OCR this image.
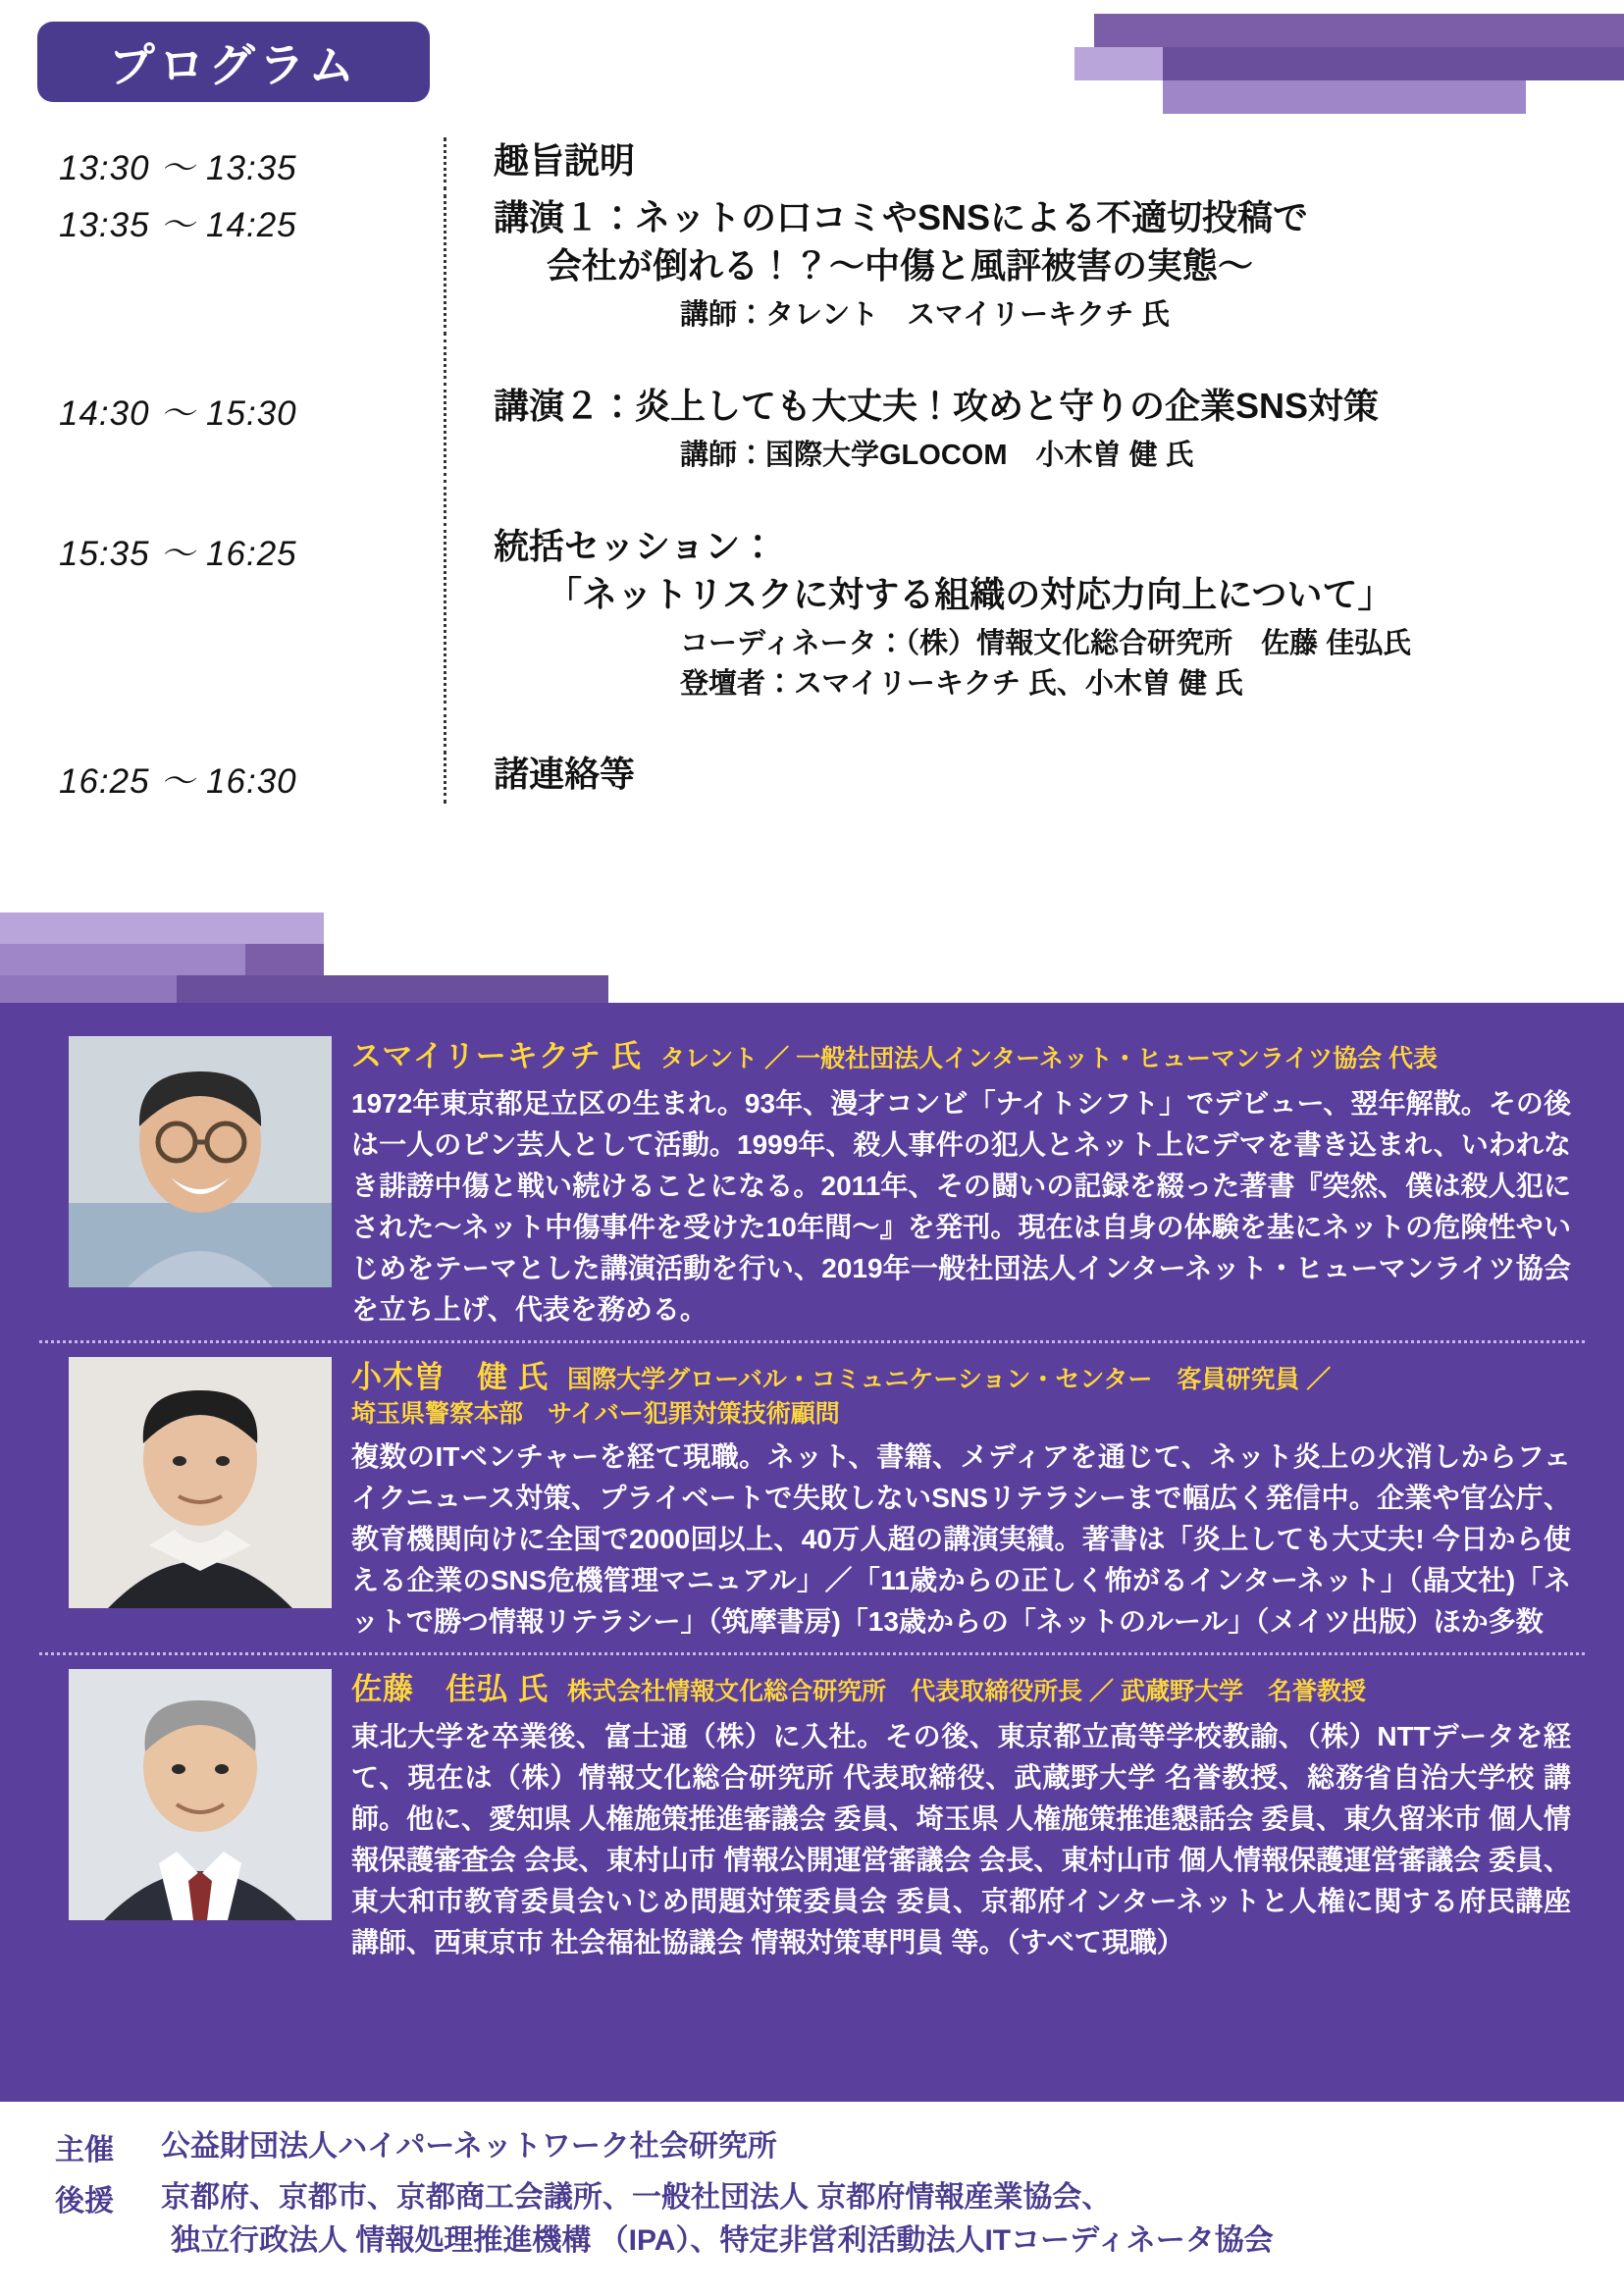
プログラム
13:30 ～ 13:35	趣旨説明
13:35 ～ 14:25	講演１：ネットの口コミやSNSによる不適切投稿で
会社が倒れる！？～中傷と風評被害の実態～
講師：タレント　スマイリーキクチ 氏
14:30 ～ 15:30	講演２：炎上しても大丈夫！攻めと守りの企業SNS対策
講師：国際大学GLOCOM　小木曽 健 氏
15:35 ～ 16:25	統括セッション：
「ネットリスクに対する組織の対応力向上について」
コーディネータ：（株）情報文化総合研究所　佐藤 佳弘氏
登壇者：スマイリーキクチ 氏、小木曽 健 氏
16:25 ～ 16:30	諸連絡等
スマイリーキクチ 氏 タレント ／ 一般社団法人インターネット・ヒューマンライツ協会 代表
1972年東京都足立区の生まれ。93年、漫才コンビ「ナイトシフト」でデビュー、翌年解散。その後は一人のピン芸人として活動。1999年、殺人事件の犯人とネット上にデマを書き込まれ、いわれなき誹謗中傷と戦い続けることになる。2011年、その闘いの記録を綴った著書『突然、僕は殺人犯にされた～ネット中傷事件を受けた10年間～』を発刊。現在は自身の体験を基にネットの危険性やいじめをテーマとした講演活動を行い、2019年一般社団法人インターネット・ヒューマンライツ協会を立ち上げ、代表を務める。
小木曽　健 氏 国際大学グローバル・コミュニケーション・センター　客員研究員 ／
埼玉県警察本部　サイバー犯罪対策技術顧問
複数のITベンチャーを経て現職。ネット、書籍、メディアを通じて、ネット炎上の火消しからフェイクニュース対策、プライベートで失敗しないSNSリテラシーまで幅広く発信中。企業や官公庁、教育機関向けに全国で2000回以上、40万人超の講演実績。著書は「炎上しても大丈夫! 今日から使える企業のSNS危機管理マニュアル」／「11歳からの正しく怖がるインターネット」（晶文社)「ネットで勝つ情報リテラシー」（筑摩書房)「13歳からの「ネットのルール」（メイツ出版）ほか多数
佐藤　佳弘 氏 株式会社情報文化総合研究所　代表取締役所長 ／ 武蔵野大学　名誉教授
東北大学を卒業後、富士通（株）に入社。その後、東京都立高等学校教諭、（株）NTTデータを経て、現在は（株）情報文化総合研究所 代表取締役、武蔵野大学 名誉教授、総務省自治大学校 講師。他に、愛知県 人権施策推進審議会 委員、埼玉県 人権施策推進懇話会 委員、東久留米市 個人情報保護審査会 会長、東村山市 情報公開運営審議会 会長、東村山市 個人情報保護運営審議会 委員、東大和市教育委員会いじめ問題対策委員会 委員、京都府インターネットと人権に関する府民講座 講師、西東京市 社会福祉協議会 情報対策専門員 等。（すべて現職）
主催	公益財団法人ハイパーネットワーク社会研究所
後援	京都府、京都市、京都商工会議所、一般社団法人 京都府情報産業協会、
独立行政法人 情報処理推進機構 （IPA）、特定非営利活動法人ITコーディネータ協会
